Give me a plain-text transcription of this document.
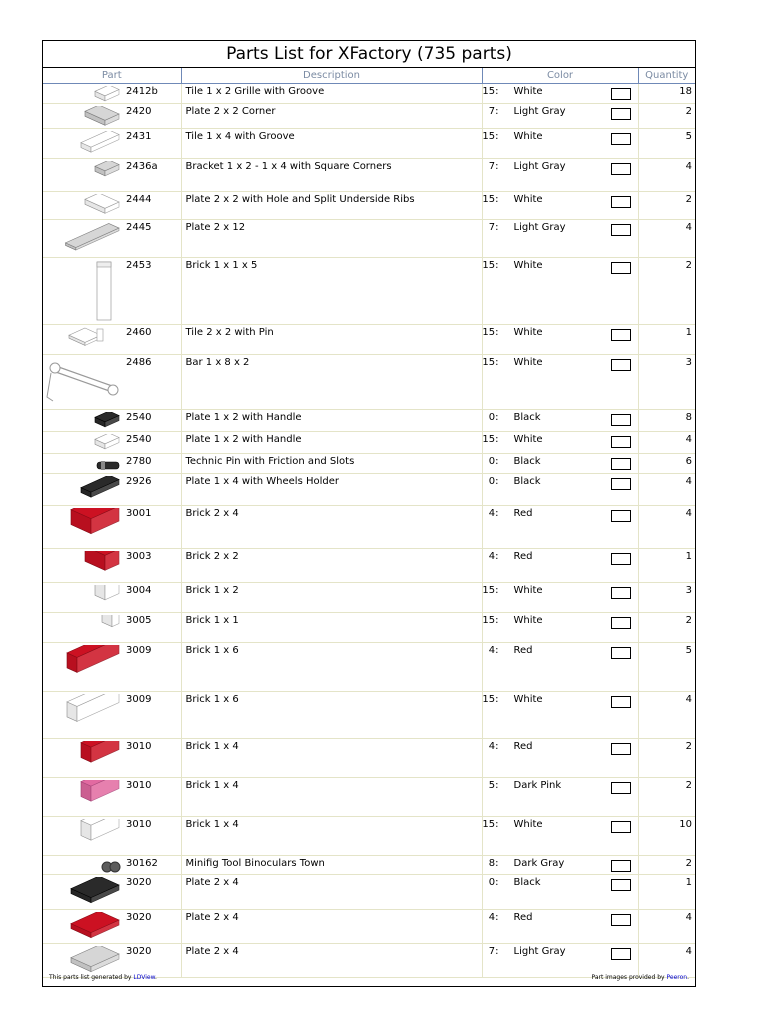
Parts List for XFactory (735 parts)
Part	Description	Color	Quantity

2412b	Tile 1 x 2 Grille with Groove	15: White	18

2420	Plate 2 x 2 Corner	7: Light Gray	2

2431	Tile 1 x 4 with Groove	15: White	5

2436a	Bracket 1 x 2 - 1 x 4 with Square Corners	7: Light Gray	4

2444	Plate 2 x 2 with Hole and Split Underside Ribs	15: White	2

2445	Plate 2 x 12	7: Light Gray	4

2453	Brick 1 x 1 x 5	15: White	2

2460	Tile 2 x 2 with Pin	15: White	1

2486	Bar 1 x 8 x 2	15: White	3

2540	Plate 1 x 2 with Handle	0: Black	8

2540	Plate 1 x 2 with Handle	15: White	4

2780	Technic Pin with Friction and Slots	0: Black	6

2926	Plate 1 x 4 with Wheels Holder	0: Black	4

3001	Brick 2 x 4	4: Red	4

3003	Brick 2 x 2	4: Red	1

3004	Brick 1 x 2	15: White	3

3005	Brick 1 x 1	15: White	2

3009	Brick 1 x 6	4: Red	5

3009	Brick 1 x 6	15: White	4

3010	Brick 1 x 4	4: Red	2

3010	Brick 1 x 4	5: Dark Pink	2

3010	Brick 1 x 4	15: White	10

30162	Minifig Tool Binoculars Town	8: Dark Gray	2

3020	Plate 2 x 4	0: Black	1

3020	Plate 2 x 4	4: Red	4

3020	Plate 2 x 4	7: Light Gray	4
This parts list generated by LDView.	Part images provided by Peeron.
